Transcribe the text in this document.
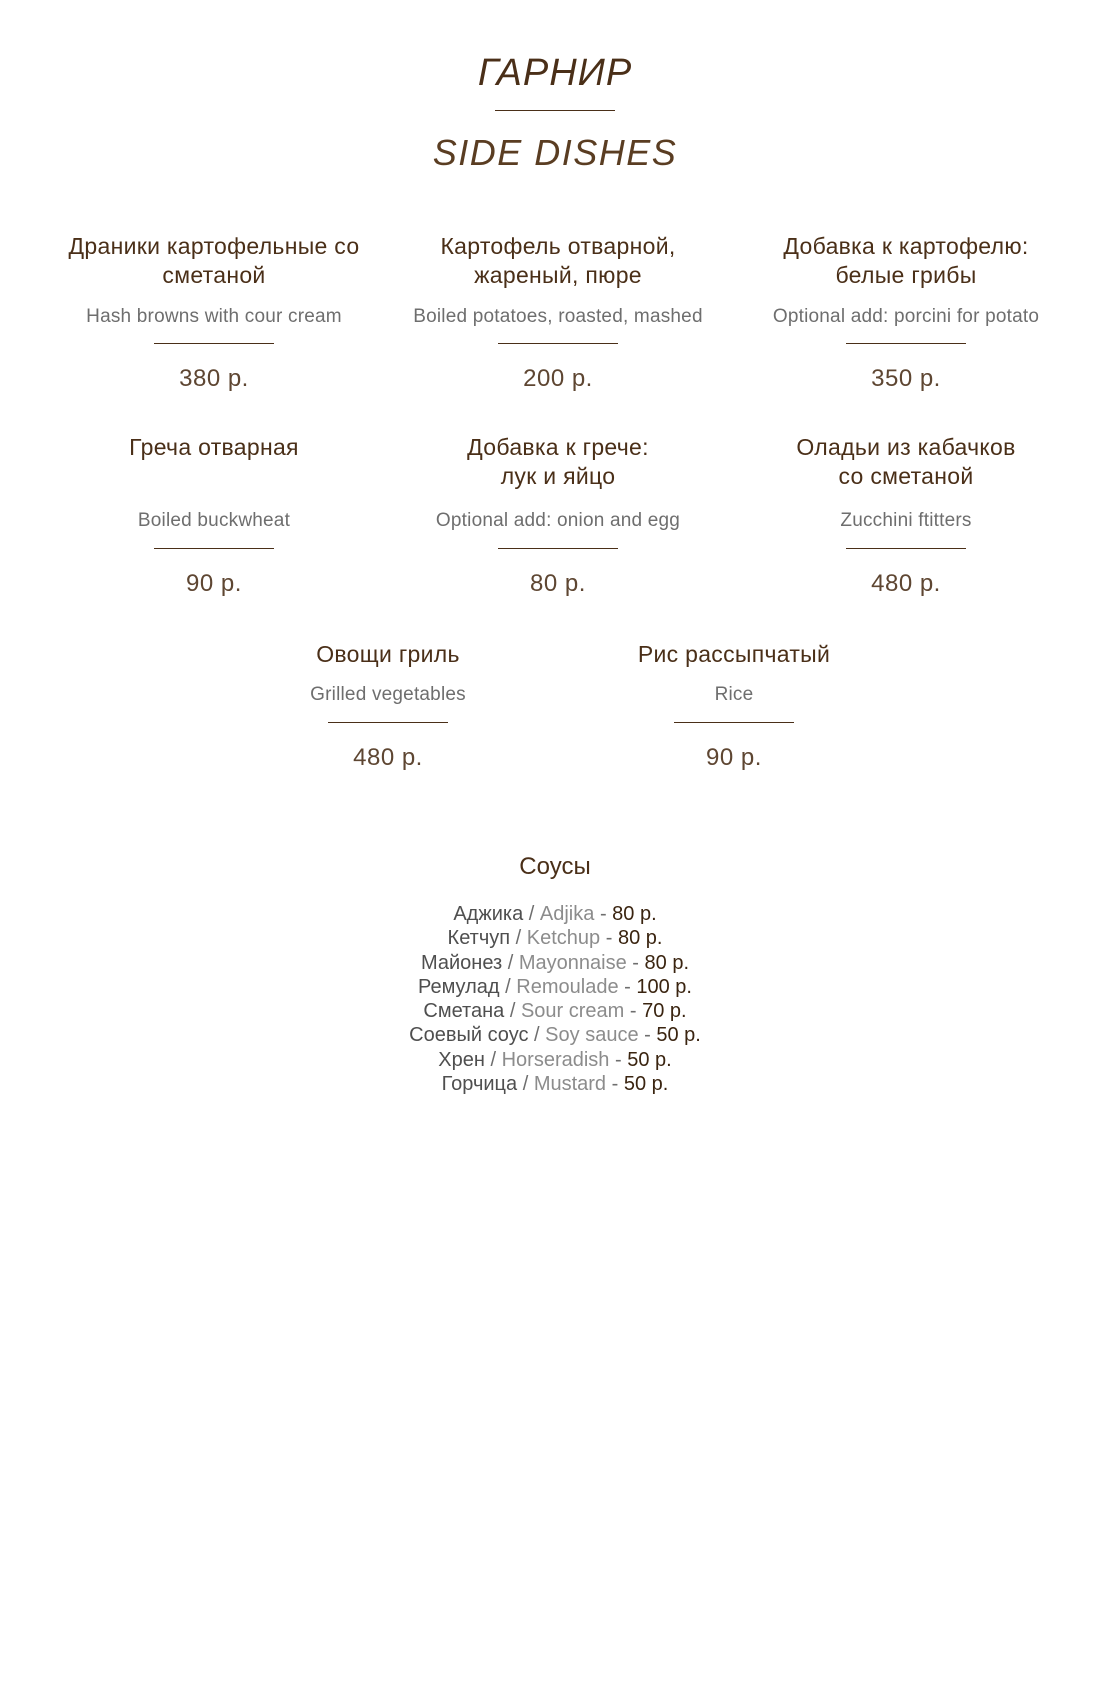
ГАРНИР
SIDE DISHES
Драники картофельные со
сметаной
Hash browns with cour cream
380 р.
Картофель отварной,
жареный, пюре
Boiled potatoes, roasted, mashed
200 р.
Добавка к картофелю:
белые грибы
Optional add: porcini for potato
350 р.
Греча отварная
Boiled buckwheat
90 р.
Добавка к грече:
лук и яйцо
Optional add: onion and egg
80 р.
Оладьи из кабачков
со сметаной
Zucchini ftitters
480 р.
Овощи гриль
Grilled vegetables
480 р.
Рис рассыпчатый
Rice
90 р.
Соусы
Аджика / Adjika - 80 р.
Кетчуп / Ketchup - 80 р.
Майонез / Mayonnaise - 80 р.
Ремулад / Remoulade - 100 р.
Сметана / Sour cream - 70 р.
Соевый соус / Soy sauce - 50 р.
Хрен / Horseradish - 50 р.
Горчица / Mustard - 50 р.
